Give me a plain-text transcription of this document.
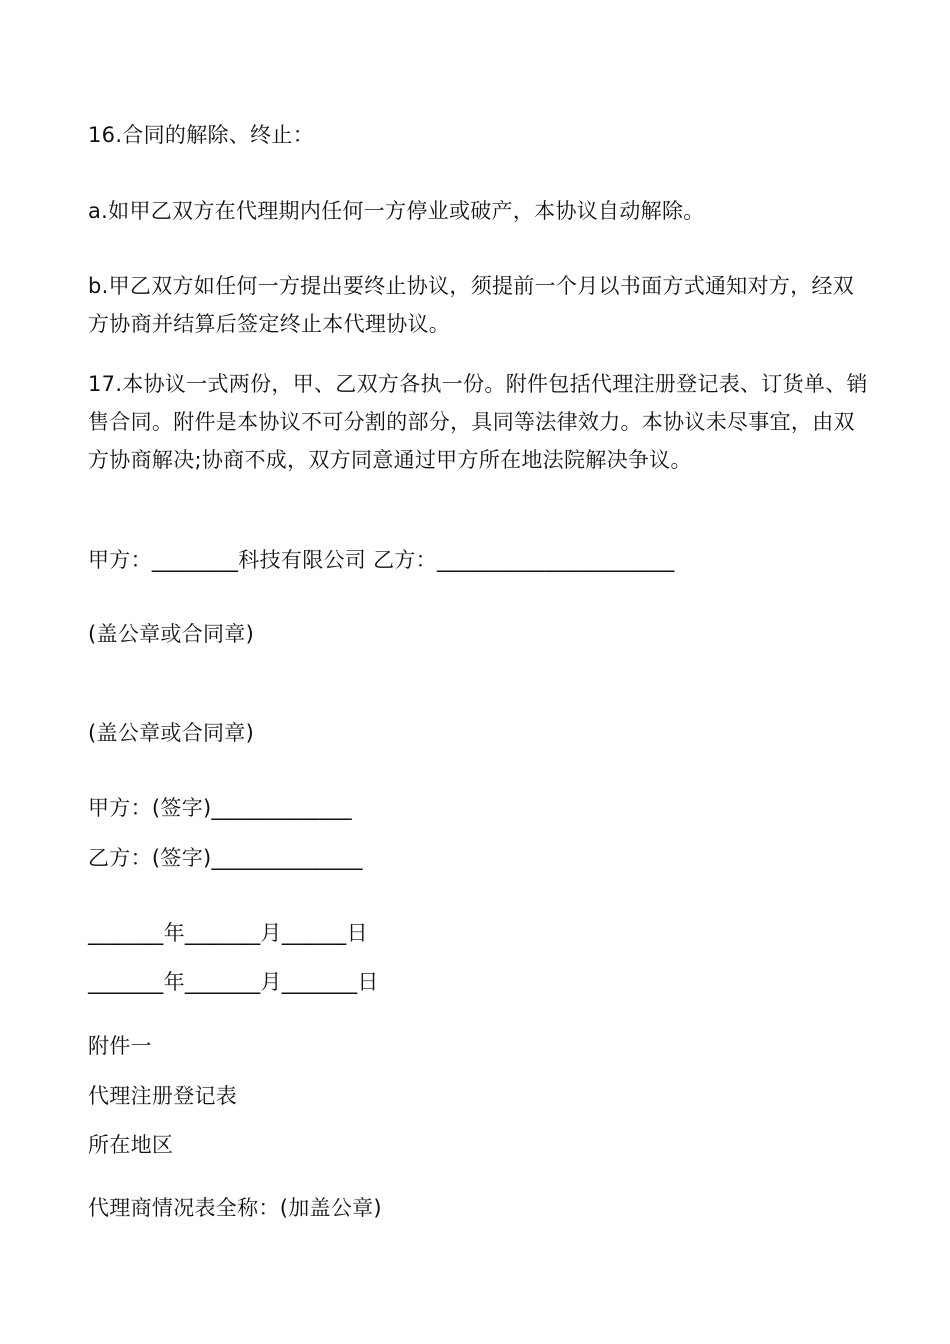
16.合同的解除、终止：
a.如甲乙双方在代理期内任何一方停业或破产，本协议自动解除。
b.甲乙双方如任何一方提出要终止协议，须提前一个月以书面方式通知对方，经双方协商并结算后签定终止本代理协议。
17.本协议一式两份，甲、乙双方各执一份。附件包括代理注册登记表、订货单、销售合同。附件是本协议不可分割的部分，具同等法律效力。本协议未尽事宜，由双方协商解决;协商不成，双方同意通过甲方所在地法院解决争议。
甲方：________科技有限公司 乙方：______________________
(盖公章或合同章)
(盖公章或合同章)
甲方：(签字)_____________
乙方：(签字)______________
_______年_______月______日
_______年_______月_______日
附件一
代理注册登记表
所在地区
代理商情况表全称：(加盖公章)
